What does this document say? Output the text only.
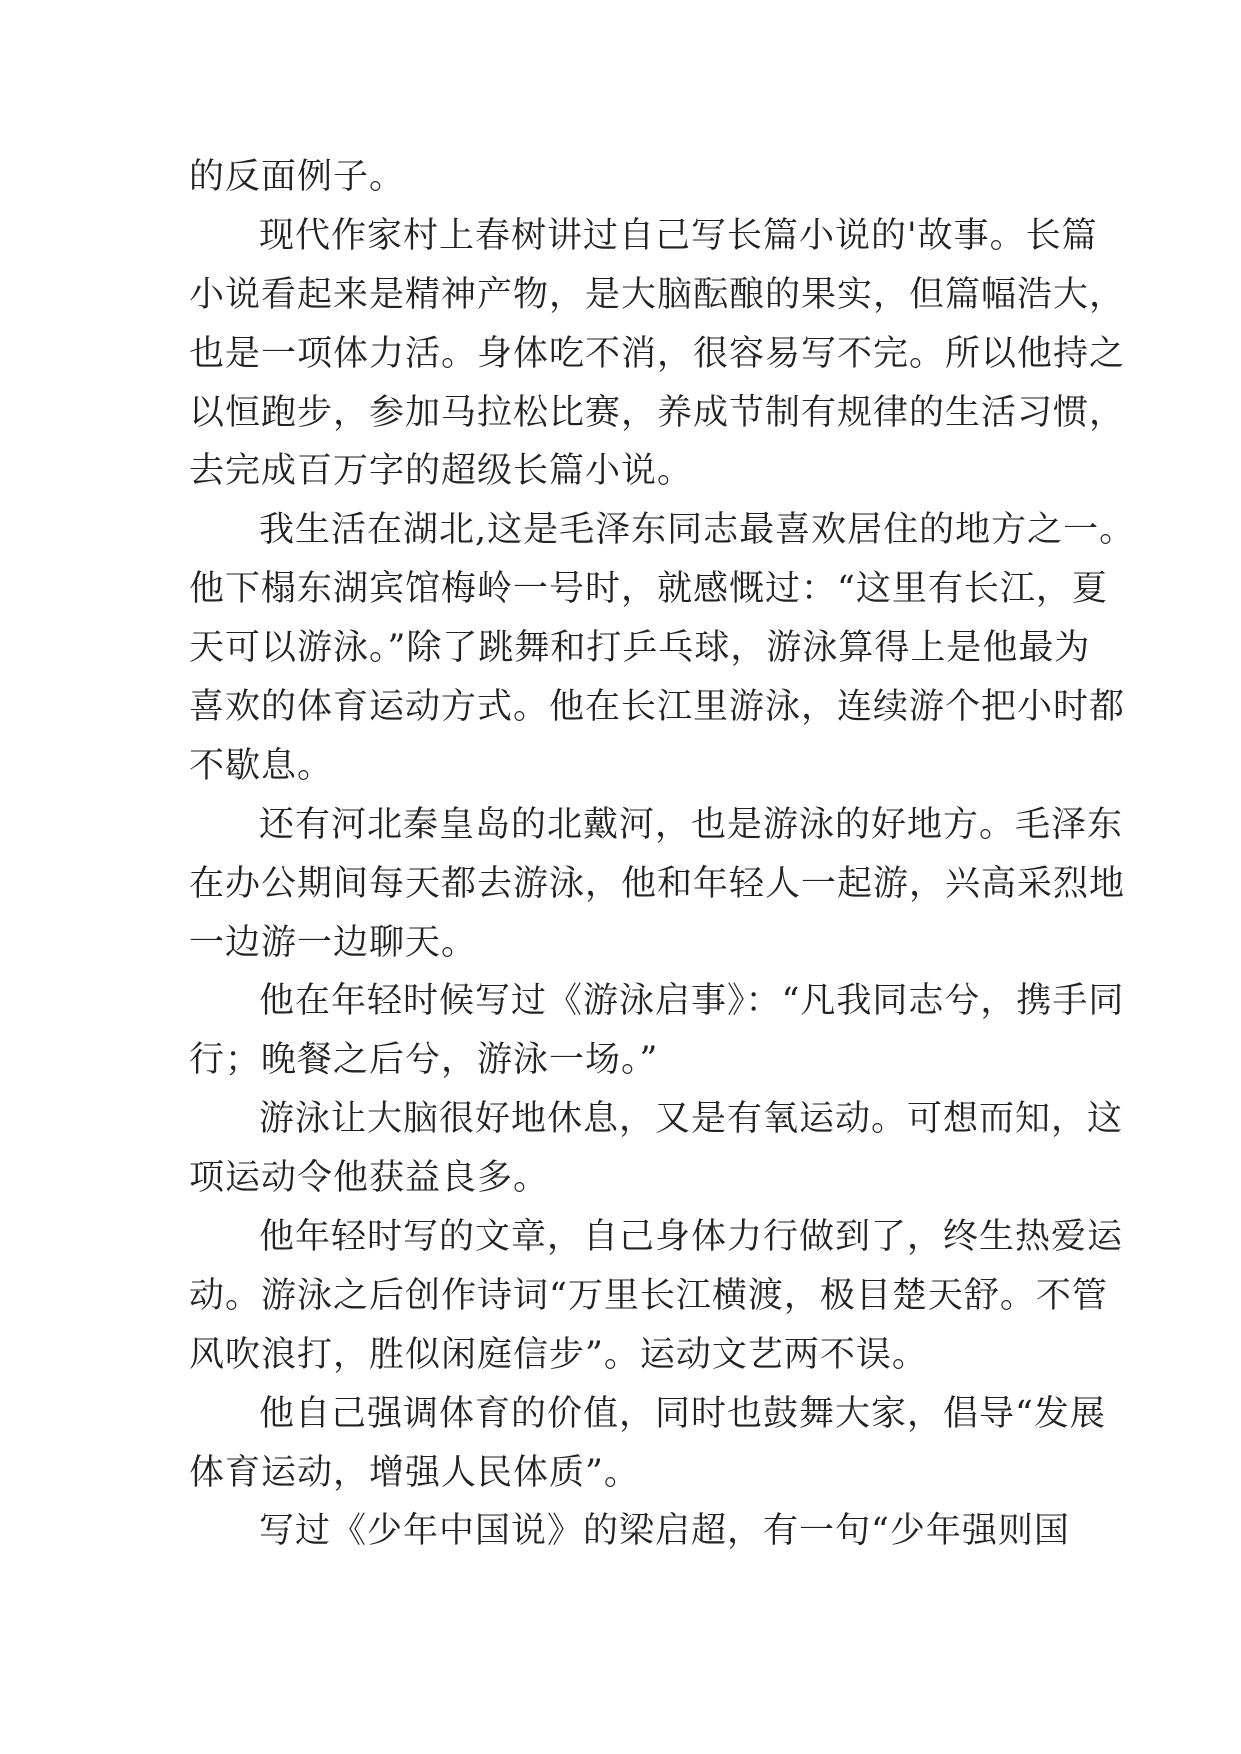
的反面例子。
现代作家村上春树讲过自己写长篇小说的'故事。长篇
小说看起来是精神产物，是大脑酝酿的果实，但篇幅浩大，
也是一项体力活。身体吃不消，很容易写不完。所以他持之
以恒跑步，参加马拉松比赛，养成节制有规律的生活习惯，
去完成百万字的超级长篇小说。
我生活在湖北,这是毛泽东同志最喜欢居住的地方之一。
他下榻东湖宾馆梅岭一号时，就感慨过：“这里有长江，夏
天可以游泳。”除了跳舞和打乒乓球，游泳算得上是他最为
喜欢的体育运动方式。他在长江里游泳，连续游个把小时都
不歇息。
还有河北秦皇岛的北戴河，也是游泳的好地方。毛泽东
在办公期间每天都去游泳，他和年轻人一起游，兴高采烈地
一边游一边聊天。
他在年轻时候写过《游泳启事》：“凡我同志兮，携手同
行；晚餐之后兮，游泳一场。”
游泳让大脑很好地休息，又是有氧运动。可想而知，这
项运动令他获益良多。
他年轻时写的文章，自己身体力行做到了，终生热爱运
动。游泳之后创作诗词“万里长江横渡，极目楚天舒。不管
风吹浪打，胜似闲庭信步”。运动文艺两不误。
他自己强调体育的价值，同时也鼓舞大家，倡导“发展
体育运动，增强人民体质”。
写过《少年中国说》的梁启超，有一句“少年强则国
